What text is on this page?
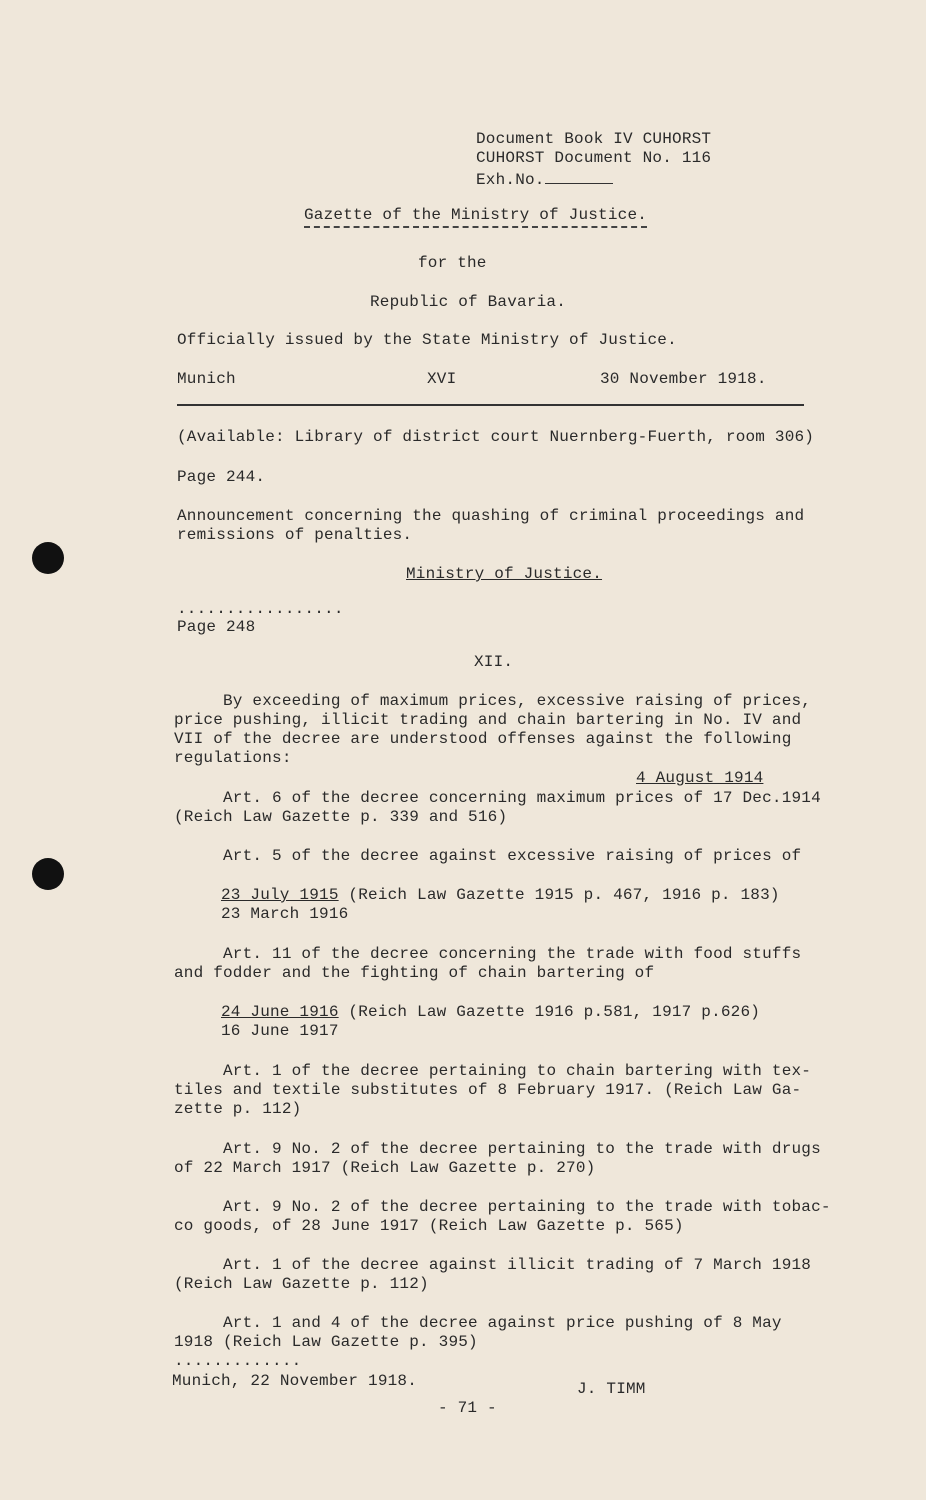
Document Book IV CUHORST
CUHORST Document No. 116
Exh.No.
Gazette of the Ministry of Justice.
for the
Republic of Bavaria.
Officially issued by the State Ministry of Justice.
Munich	XVI	30 November 1918.
(Available: Library of district court Nuernberg-Fuerth, room 306)
Page 244.
Announcement concerning the quashing of criminal proceedings and
remissions of penalties.
Ministry of Justice.
.................
Page 248
XII.
By exceeding of maximum prices, excessive raising of prices,
price pushing, illicit trading and chain bartering in No. IV and
VII of the decree are understood offenses against the following
regulations:
4 August 1914
Art. 6 of the decree concerning maximum prices of 17 Dec.1914
(Reich Law Gazette p. 339 and 516)
Art. 5 of the decree against excessive raising of prices of
23 July 1915 (Reich Law Gazette 1915 p. 467, 1916 p. 183)
23 March 1916
Art. 11 of the decree concerning the trade with food stuffs
and fodder and the fighting of chain bartering of
24 June 1916 (Reich Law Gazette 1916 p.581, 1917 p.626)
16 June 1917
Art. 1 of the decree pertaining to chain bartering with tex-
tiles and textile substitutes of 8 February 1917. (Reich Law Ga-
zette p. 112)
Art. 9 No. 2 of the decree pertaining to the trade with drugs
of 22 March 1917 (Reich Law Gazette p. 270)
Art. 9 No. 2 of the decree pertaining to the trade with tobac-
co goods, of 28 June 1917 (Reich Law Gazette p. 565)
Art. 1 of the decree against illicit trading of 7 March 1918
(Reich Law Gazette p. 112)
Art. 1 and 4 of the decree against price pushing of 8 May
1918 (Reich Law Gazette p. 395)
.............
Munich, 22 November 1918.	J. TIMM
- 71 -
